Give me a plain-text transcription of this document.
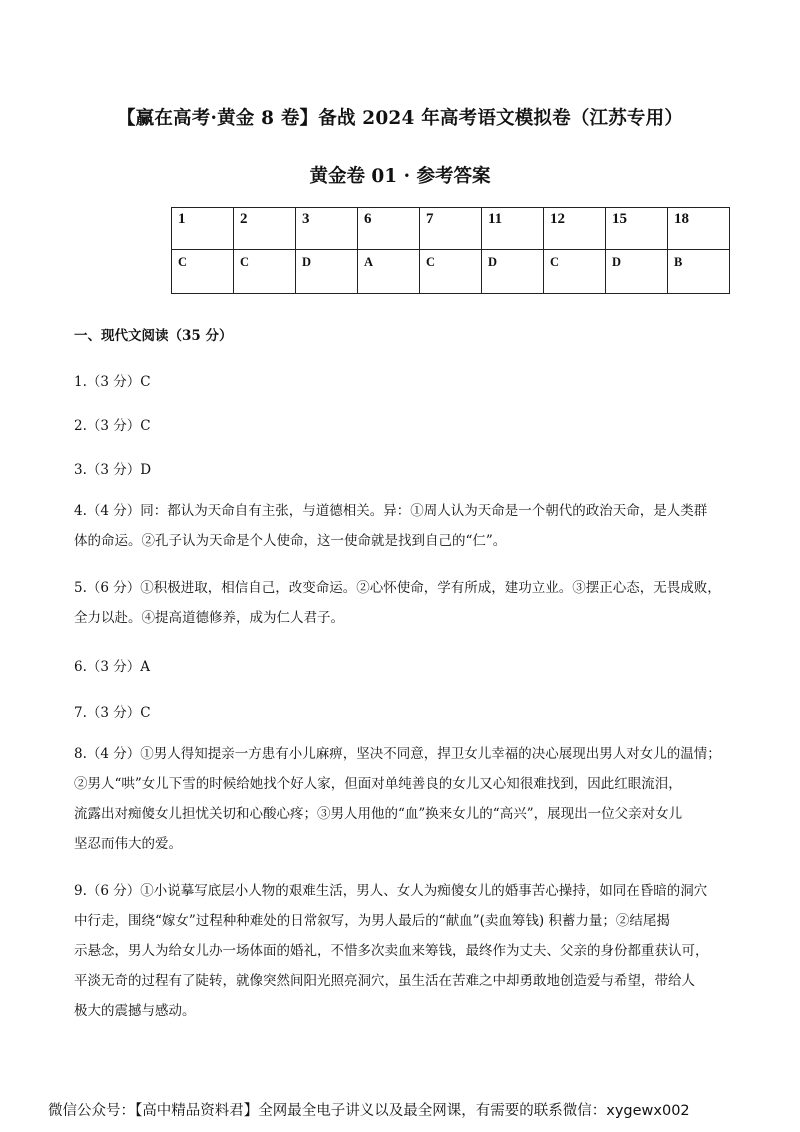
【赢在高考·黄金 8 卷】备战 2024 年高考语文模拟卷（江苏专用）
黄金卷 01 · 参考答案
1	2	3	6	7	11	12	15	18
C	C	D	A	C	D	C	D	B
一、现代文阅读（35 分）
1.（3 分）C
2.（3 分）C
3.（3 分）D
4.（4 分）同：都认为天命自有主张，与道德相关。异：①周人认为天命是一个朝代的政治天命，是人类群
体的命运。②孔子认为天命是个人使命，这一使命就是找到自己的“仁”。
5.（6 分）①积极进取，相信自己，改变命运。②心怀使命，学有所成，建功立业。③摆正心态，无畏成败，
全力以赴。④提高道德修养，成为仁人君子。
6.（3 分）A
7.（3 分）C
8.（4 分）①男人得知提亲一方患有小儿麻痹，坚决不同意，捍卫女儿幸福的决心展现出男人对女儿的温情；
②男人“哄”女儿下雪的时候给她找个好人家，但面对单纯善良的女儿又心知很难找到，因此红眼流泪，
流露出对痴傻女儿担忧关切和心酸心疼；③男人用他的“血”换来女儿的“高兴”，展现出一位父亲对女儿
坚忍而伟大的爱。
9.（6 分）①小说摹写底层小人物的艰难生活，男人、女人为痴傻女儿的婚事苦心操持，如同在昏暗的洞穴
中行走，围绕“嫁女”过程种种难处的日常叙写，为男人最后的“献血”(卖血筹钱) 积蓄力量；②结尾揭
示悬念，男人为给女儿办一场体面的婚礼，不惜多次卖血来筹钱，最终作为丈夫、父亲的身份都重获认可，
平淡无奇的过程有了陡转，就像突然间阳光照亮洞穴，虽生活在苦难之中却勇敢地创造爱与希望，带给人
极大的震撼与感动。
微信公众号：【高中精品资料君】全网最全电子讲义以及最全网课，有需要的联系微信：xygewx002
